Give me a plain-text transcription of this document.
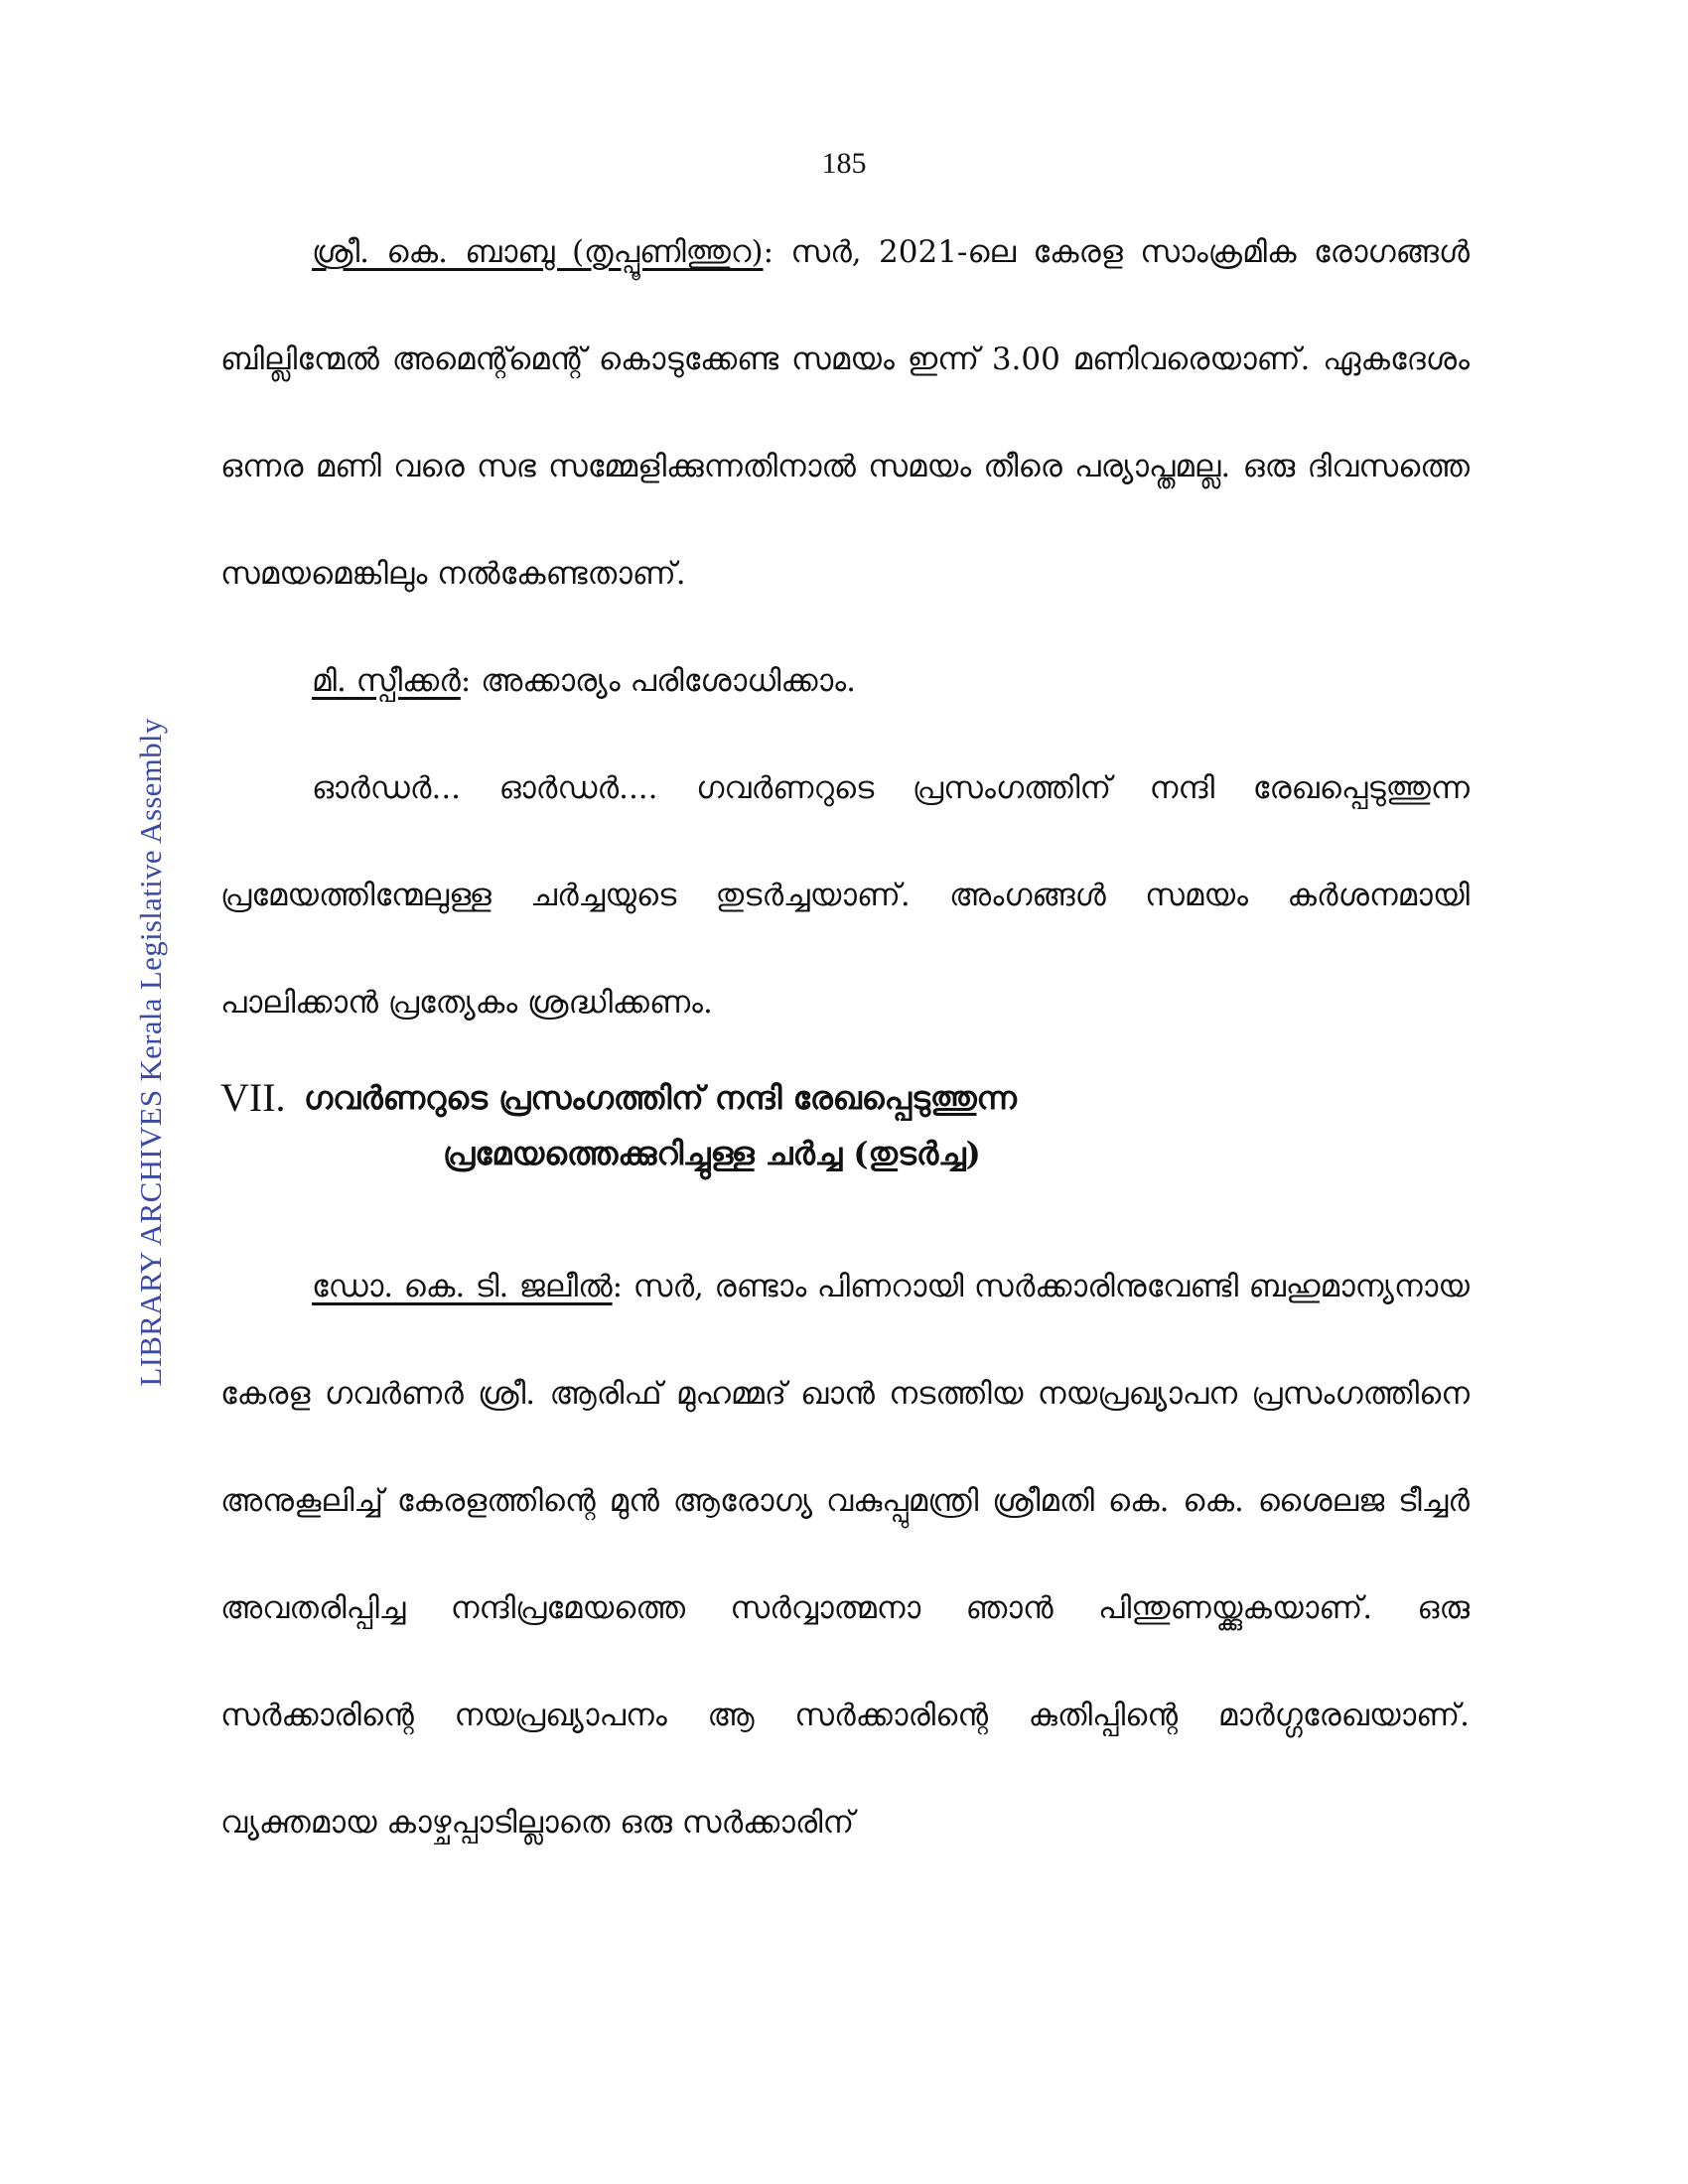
185
LIBRARY ARCHIVES Kerala Legislative Assembly

ശ്രീ. കെ. ബാബു (തൃപ്പൂണിത്തുറ): സർ, 2021-ലെ കേരള സാംക്രമിക രോഗങ്ങൾ ബില്ലിന്മേൽ അമെന്റ്മെന്റ് കൊടുക്കേണ്ട സമയം ഇന്ന് 3.00 മണിവരെയാണ്. ഏകദേശം ഒന്നര മണി വരെ സഭ സമ്മേളിക്കുന്നതിനാൽ സമയം തീരെ പര്യാപ്തമല്ല. ഒരു ദിവസത്തെ സമയമെങ്കിലും നൽകേണ്ടതാണ്.

മി. സ്പീക്കർ: അക്കാര്യം പരിശോധിക്കാം.

ഓർഡർ... ഓർഡർ.... ഗവർണറുടെ പ്രസംഗത്തിന് നന്ദി രേഖപ്പെടുത്തുന്ന പ്രമേയത്തിന്മേലുള്ള ചർച്ചയുടെ തുടർച്ചയാണ്. അംഗങ്ങൾ സമയം കർശനമായി പാലിക്കാൻ പ്രത്യേകം ശ്രദ്ധിക്കണം.

VII. ഗവർണറുടെ പ്രസംഗത്തിന് നന്ദി രേഖപ്പെടുത്തുന്ന
പ്രമേയത്തെക്കുറിച്ചുള്ള ചർച്ച (തുടർച്ച)

ഡോ. കെ. ടി. ജലീൽ: സർ, രണ്ടാം പിണറായി സർക്കാരിനുവേണ്ടി ബഹുമാന്യനായ കേരള ഗവർണർ ശ്രീ. ആരിഫ് മുഹമ്മദ് ഖാൻ നടത്തിയ നയപ്രഖ്യാപന പ്രസംഗത്തിനെ അനുകൂലിച്ച് കേരളത്തിന്റെ മുൻ ആരോഗ്യ വകുപ്പുമന്ത്രി ശ്രീമതി കെ. കെ. ശൈലജ ടീച്ചർ അവതരിപ്പിച്ച നന്ദിപ്രമേയത്തെ സർവ്വാത്മനാ ഞാൻ പിന്തുണയ്ക്കുകയാണ്. ഒരു സർക്കാരിന്റെ നയപ്രഖ്യാപനം ആ സർക്കാരിന്റെ കുതിപ്പിന്റെ മാർഗ്ഗരേഖയാണ്. വ്യക്തമായ കാഴ്ചപ്പാടില്ലാതെ ഒരു സർക്കാരിന്
